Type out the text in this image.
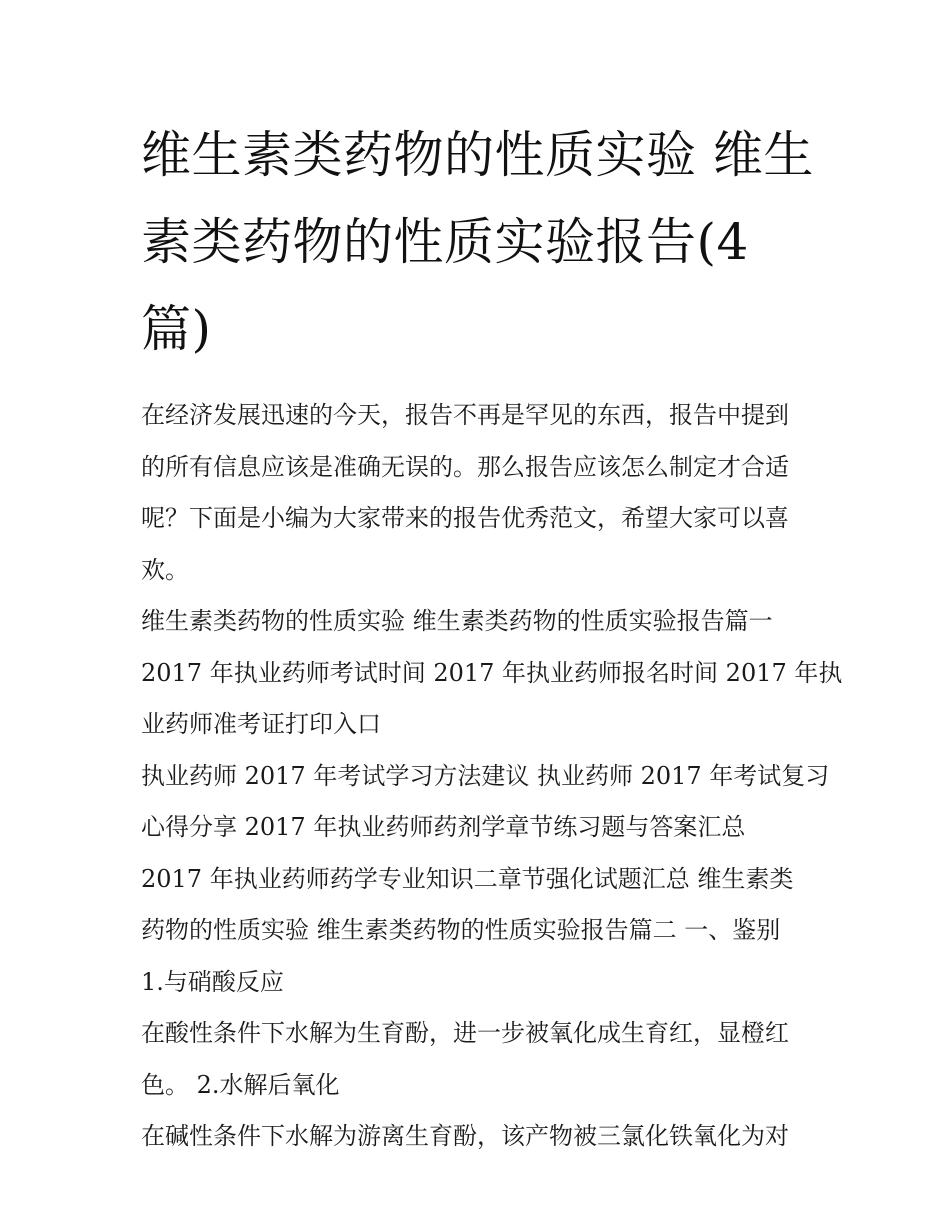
维生素类药物的性质实验 维生
素类药物的性质实验报告(4
篇)

在经济发展迅速的今天，报告不再是罕见的东西，报告中提到
的所有信息应该是准确无误的。那么报告应该怎么制定才合适
呢？下面是小编为大家带来的报告优秀范文，希望大家可以喜
欢。

维生素类药物的性质实验 维生素类药物的性质实验报告篇一

2017 年执业药师考试时间 2017 年执业药师报名时间 2017 年执
业药师准考证打印入口

执业药师 2017 年考试学习方法建议 执业药师 2017 年考试复习
心得分享 2017 年执业药师药剂学章节练习题与答案汇总

2017 年执业药师药学专业知识二章节强化试题汇总 维生素类
药物的性质实验 维生素类药物的性质实验报告篇二 一、鉴别
1.与硝酸反应

在酸性条件下水解为生育酚，进一步被氧化成生育红，显橙红
色。 2.水解后氧化

在碱性条件下水解为游离生育酚，该产物被三氯化铁氧化为对
